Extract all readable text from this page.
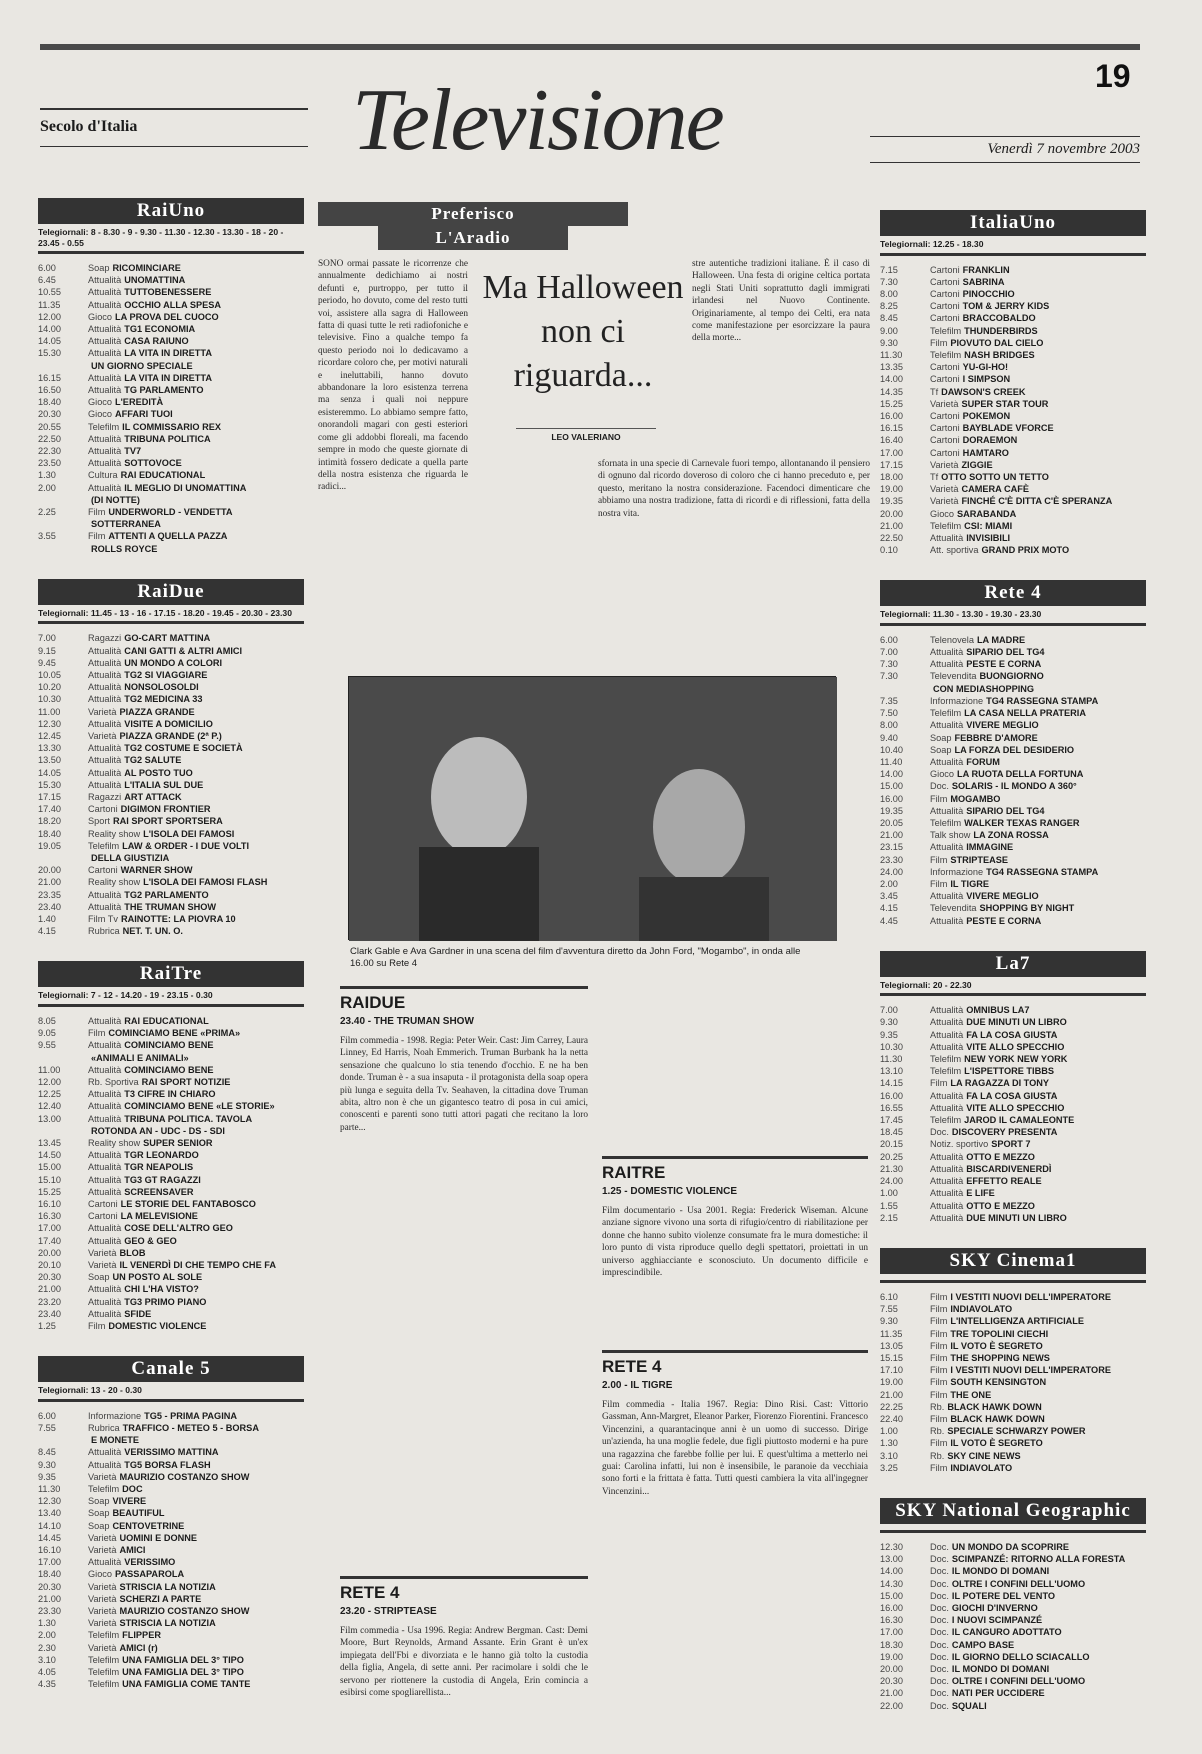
19
Secolo d'Italia	Televisione	Venerdì 7 novembre 2003
RaiUno
Telegiornali: 8 - 8.30 - 9 - 9.30 - 11.30 - 12.30 - 13.30 - 18 - 20 - 23.45 - 0.55
6.00	Soap RICOMINCIARE
6.45	Attualità UNOMATTINA
10.55	Attualità TUTTOBENESSERE
11.35	Attualità OCCHIO ALLA SPESA
12.00	Gioco LA PROVA DEL CUOCO
14.00	Attualità TG1 ECONOMIA
14.05	Attualità CASA RAIUNO
15.30	Attualità LA VITA IN DIRETTA
UN GIORNO SPECIALE
16.15	Attualità LA VITA IN DIRETTA
16.50	Attualità TG PARLAMENTO
18.40	Gioco L'EREDITÀ
20.30	Gioco AFFARI TUOI
20.55	Telefilm IL COMMISSARIO REX
22.50	Attualità TRIBUNA POLITICA
22.30	Attualità TV7
23.50	Attualità SOTTOVOCE
1.30	Cultura RAI EDUCATIONAL
2.00	Attualità IL MEGLIO DI UNOMATTINA
(DI NOTTE)
2.25	Film UNDERWORLD - VENDETTA
SOTTERRANEA
3.55	Film ATTENTI A QUELLA PAZZA
ROLLS ROYCE
RaiDue
Telegiornali: 11.45 - 13 - 16 - 17.15 - 18.20 - 19.45 - 20.30 - 23.30
7.00	Ragazzi GO-CART MATTINA
9.15	Attualità CANI GATTI & ALTRI AMICI
9.45	Attualità UN MONDO A COLORI
10.05	Attualità TG2 SI VIAGGIARE
10.20	Attualità NONSOLOSOLDI
10.30	Attualità TG2 MEDICINA 33
11.00	Varietà PIAZZA GRANDE
12.30	Attualità VISITE A DOMICILIO
12.45	Varietà PIAZZA GRANDE (2ª P.)
13.30	Attualità TG2 COSTUME E SOCIETÀ
13.50	Attualità TG2 SALUTE
14.05	Attualità AL POSTO TUO
15.30	Attualità L'ITALIA SUL DUE
17.15	Ragazzi ART ATTACK
17.40	Cartoni DIGIMON FRONTIER
18.20	Sport RAI SPORT SPORTSERA
18.40	Reality show L'ISOLA DEI FAMOSI
19.05	Telefilm LAW & ORDER - I DUE VOLTI
DELLA GIUSTIZIA
20.00	Cartoni WARNER SHOW
21.00	Reality show L'ISOLA DEI FAMOSI FLASH
23.35	Attualità TG2 PARLAMENTO
23.40	Attualità THE TRUMAN SHOW
1.40	Film Tv RAINOTTE: LA PIOVRA 10
4.15	Rubrica NET. T. UN. O.
RaiTre
Telegiornali: 7 - 12 - 14.20 - 19 - 23.15 - 0.30
8.05	Attualità RAI EDUCATIONAL
9.05	Film COMINCIAMO BENE «PRIMA»
9.55	Attualità COMINCIAMO BENE
«ANIMALI E ANIMALI»
11.00	Attualità COMINCIAMO BENE
12.00	Rb. Sportiva RAI SPORT NOTIZIE
12.25	Attualità T3 CIFRE IN CHIARO
12.40	Attualità COMINCIAMO BENE «LE STORIE»
13.00	Attualità TRIBUNA POLITICA. TAVOLA
ROTONDA AN - UDC - DS - SDI
13.45	Reality show SUPER SENIOR
14.50	Attualità TGR LEONARDO
15.00	Attualità TGR NEAPOLIS
15.10	Attualità TG3 GT RAGAZZI
15.25	Attualità SCREENSAVER
16.10	Cartoni LE STORIE DEL FANTABOSCO
16.30	Cartoni LA MELEVISIONE
17.00	Attualità COSE DELL'ALTRO GEO
17.40	Attualità GEO & GEO
20.00	Varietà BLOB
20.10	Varietà IL VENERDÌ DI CHE TEMPO CHE FA
20.30	Soap UN POSTO AL SOLE
21.00	Attualità CHI L'HA VISTO?
23.20	Attualità TG3 PRIMO PIANO
23.40	Attualità SFIDE
1.25	Film DOMESTIC VIOLENCE
Canale 5
Telegiornali: 13 - 20 - 0.30
6.00	Informazione TG5 - PRIMA PAGINA
7.55	Rubrica TRAFFICO - METEO 5 - BORSA
E MONETE
8.45	Attualità VERISSIMO MATTINA
9.30	Attualità TG5 BORSA FLASH
9.35	Varietà MAURIZIO COSTANZO SHOW
11.30	Telefilm DOC
12.30	Soap VIVERE
13.40	Soap BEAUTIFUL
14.10	Soap CENTOVETRINE
14.45	Varietà UOMINI E DONNE
16.10	Varietà AMICI
17.00	Attualità VERISSIMO
18.40	Gioco PASSAPAROLA
20.30	Varietà STRISCIA LA NOTIZIA
21.00	Varietà SCHERZI A PARTE
23.30	Varietà MAURIZIO COSTANZO SHOW
1.30	Varietà STRISCIA LA NOTIZIA
2.00	Telefilm FLIPPER
2.30	Varietà AMICI (r)
3.10	Telefilm UNA FAMIGLIA DEL 3° TIPO
4.05	Telefilm UNA FAMIGLIA DEL 3° TIPO
4.35	Telefilm UNA FAMIGLIA COME TANTE
ItaliaUno
Telegiornali: 12.25 - 18.30
7.15	Cartoni FRANKLIN
7.30	Cartoni SABRINA
8.00	Cartoni PINOCCHIO
8.25	Cartoni TOM & JERRY KIDS
8.45	Cartoni BRACCOBALDO
9.00	Telefilm THUNDERBIRDS
9.30	Film PIOVUTO DAL CIELO
11.30	Telefilm NASH BRIDGES
13.35	Cartoni YU-GI-HO!
14.00	Cartoni I SIMPSON
14.35	Tf DAWSON'S CREEK
15.25	Varietà SUPER STAR TOUR
16.00	Cartoni POKEMON
16.15	Cartoni BAYBLADE VFORCE
16.40	Cartoni DORAEMON
17.00	Cartoni HAMTARO
17.15	Varietà ZIGGIE
18.00	Tf OTTO SOTTO UN TETTO
19.00	Varietà CAMERA CAFÈ
19.35	Varietà FINCHÉ C'È DITTA C'È SPERANZA
20.00	Gioco SARABANDA
21.00	Telefilm CSI: MIAMI
22.50	Attualità INVISIBILI
0.10	Att. sportiva GRAND PRIX MOTO
Rete 4
Telegiornali: 11.30 - 13.30 - 19.30 - 23.30
6.00	Telenovela LA MADRE
7.00	Attualità SIPARIO DEL TG4
7.30	Attualità PESTE E CORNA
7.30	Televendita BUONGIORNO
CON MEDIASHOPPING
7.35	Informazione TG4 RASSEGNA STAMPA
7.50	Telefilm LA CASA NELLA PRATERIA
8.00	Attualità VIVERE MEGLIO
9.40	Soap FEBBRE D'AMORE
10.40	Soap LA FORZA DEL DESIDERIO
11.40	Attualità FORUM
14.00	Gioco LA RUOTA DELLA FORTUNA
15.00	Doc. SOLARIS - IL MONDO A 360°
16.00	Film MOGAMBO
19.35	Attualità SIPARIO DEL TG4
20.05	Telefilm WALKER TEXAS RANGER
21.00	Talk show LA ZONA ROSSA
23.15	Attualità IMMAGINE
23.30	Film STRIPTEASE
24.00	Informazione TG4 RASSEGNA STAMPA
2.00	Film IL TIGRE
3.45	Attualità VIVERE MEGLIO
4.15	Televendita SHOPPING BY NIGHT
4.45	Attualità PESTE E CORNA
La7
Telegiornali: 20 - 22.30
7.00	Attualità OMNIBUS LA7
9.30	Attualità DUE MINUTI UN LIBRO
9.35	Attualità FA LA COSA GIUSTA
10.30	Attualità VITE ALLO SPECCHIO
11.30	Telefilm NEW YORK NEW YORK
13.10	Telefilm L'ISPETTORE TIBBS
14.15	Film LA RAGAZZA DI TONY
16.00	Attualità FA LA COSA GIUSTA
16.55	Attualità VITE ALLO SPECCHIO
17.45	Telefilm JAROD IL CAMALEONTE
18.45	Doc. DISCOVERY PRESENTA
20.15	Notiz. sportivo SPORT 7
20.25	Attualità OTTO E MEZZO
21.30	Attualità BISCARDIVENERDÌ
24.00	Attualità EFFETTO REALE
1.00	Attualità E LIFE
1.55	Attualità OTTO E MEZZO
2.15	Attualità DUE MINUTI UN LIBRO
SKY Cinema1
6.10	Film I VESTITI NUOVI DELL'IMPERATORE
7.55	Film INDIAVOLATO
9.30	Film L'INTELLIGENZA ARTIFICIALE
11.35	Film TRE TOPOLINI CIECHI
13.05	Film IL VOTO È SEGRETO
15.15	Film THE SHOPPING NEWS
17.10	Film I VESTITI NUOVI DELL'IMPERATORE
19.00	Film SOUTH KENSINGTON
21.00	Film THE ONE
22.25	Rb. BLACK HAWK DOWN
22.40	Film BLACK HAWK DOWN
1.00	Rb. SPECIALE SCHWARZY POWER
1.30	Film IL VOTO È SEGRETO
3.10	Rb. SKY CINE NEWS
3.25	Film INDIAVOLATO
SKY National Geographic
12.30	Doc. UN MONDO DA SCOPRIRE
13.00	Doc. SCIMPANZÉ: RITORNO ALLA FORESTA
14.00	Doc. IL MONDO DI DOMANI
14.30	Doc. OLTRE I CONFINI DELL'UOMO
15.00	Doc. IL POTERE DEL VENTO
16.00	Doc. GIOCHI D'INVERNO
16.30	Doc. I NUOVI SCIMPANZÉ
17.00	Doc. IL CANGURO ADOTTATO
18.30	Doc. CAMPO BASE
19.00	Doc. IL GIORNO DELLO SCIACALLO
20.00	Doc. IL MONDO DI DOMANI
20.30	Doc. OLTRE I CONFINI DELL'UOMO
21.00	Doc. NATI PER UCCIDERE
22.00	Doc. SQUALI
Preferisco
L'Aradio
Ma Halloween non ci riguarda...
LEO VALERIANO
SONO ormai passate le ricorrenze che annualmente dedichiamo ai nostri defunti e, purtroppo, per tutto il periodo, ho dovuto, come del resto tutti voi, assistere alla sagra di Halloween fatta di quasi tutte le reti radiofoniche e televisive. Fino a qualche tempo fa questo periodo noi lo dedicavamo a ricordare coloro che, per motivi naturali e ineluttabili, hanno dovuto abbandonare la loro esistenza terrena ma senza i quali noi neppure esisteremmo. Lo abbiamo sempre fatto, onorandoli magari con gesti esteriori come gli addobbi floreali, ma facendo sempre in modo che queste giornate di intimità fossero dedicate a quella parte della nostra esistenza che riguarda le radici...
stre autentiche tradizioni italiane. È il caso di Halloween. Una festa di origine celtica portata negli Stati Uniti soprattutto dagli immigrati irlandesi nel Nuovo Continente. Originariamente, al tempo dei Celti, era nata come manifestazione per esorcizzare la paura della morte...
sfornata in una specie di Carnevale fuori tempo, allontanando il pensiero di ognuno dal ricordo doveroso di coloro che ci hanno preceduto e, per questo, meritano la nostra considerazione. Facendoci dimenticare che abbiamo una nostra tradizione, fatta di ricordi e di riflessioni, fatta della nostra vita.
Clark Gable e Ava Gardner in una scena del film d'avventura diretto da John Ford, "Mogambo", in onda alle 16.00 su Rete 4
RAIDUE
23.40 - THE TRUMAN SHOW
Film commedia - 1998. Regia: Peter Weir. Cast: Jim Carrey, Laura Linney, Ed Harris, Noah Emmerich. Truman Burbank ha la netta sensazione che qualcuno lo stia tenendo d'occhio. E ne ha ben donde. Truman è - a sua insaputa - il protagonista della soap opera più lunga e seguita della Tv. Seahaven, la cittadina dove Truman abita, altro non è che un gigantesco teatro di posa in cui amici, conoscenti e parenti sono tutti attori pagati che recitano la loro parte...
RETE 4
23.20 - STRIPTEASE
Film commedia - Usa 1996. Regia: Andrew Bergman. Cast: Demi Moore, Burt Reynolds, Armand Assante. Erin Grant è un'ex impiegata dell'Fbi e divorziata e le hanno già tolto la custodia della figlia, Angela, di sette anni. Per racimolare i soldi che le servono per riottenere la custodia di Angela, Erin comincia a esibirsi come spogliarellista...
RAITRE
1.25 - DOMESTIC VIOLENCE
Film documentario - Usa 2001. Regia: Frederick Wiseman. Alcune anziane signore vivono una sorta di rifugio/centro di riabilitazione per donne che hanno subìto violenze consumate fra le mura domestiche: il loro punto di vista riproduce quello degli spettatori, proiettati in un universo agghiacciante e sconosciuto. Un documento difficile e imprescindibile.
RETE 4
2.00 - IL TIGRE
Film commedia - Italia 1967. Regia: Dino Risi. Cast: Vittorio Gassman, Ann-Margret, Eleanor Parker, Fiorenzo Fiorentini. Francesco Vincenzini, a quarantacinque anni è un uomo di successo. Dirige un'azienda, ha una moglie fedele, due figli piuttosto moderni e ha pure una ragazzina che farebbe follie per lui. E quest'ultima a metterlo nei guai: Carolina infatti, lui non è insensibile, le paranoie da vecchiaia sono forti e la frittata è fatta. Tutti questi cambiera la vita all'ingegner Vincenzini...
